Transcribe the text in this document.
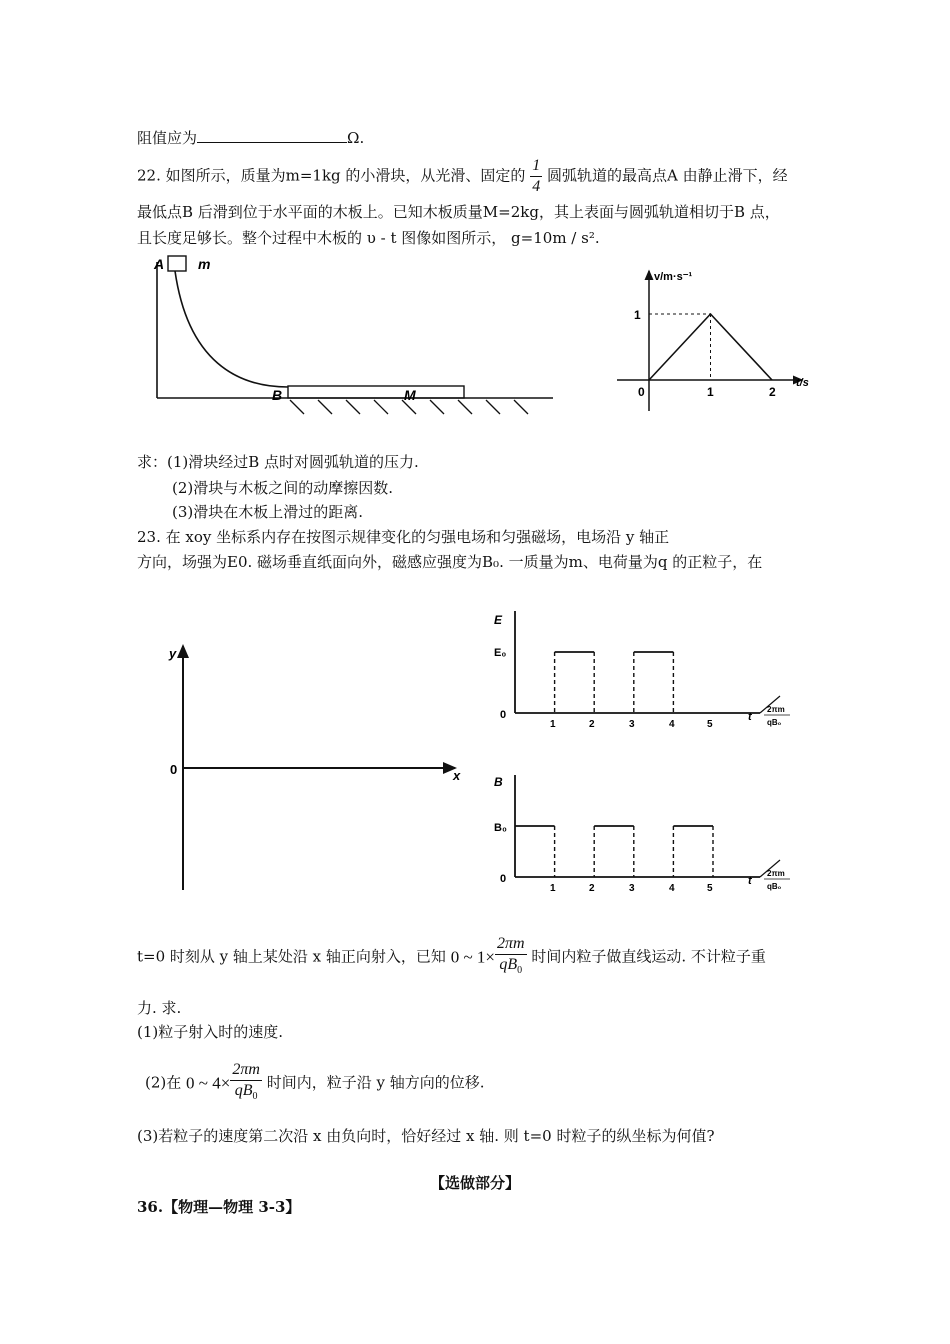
阻值应为	Ω.
22. 如图所示，质量为m=1kg 的小滑块，从光滑、固定的 $\frac{1}{4}$ 圆弧轨道的最高点A 由静止滑下，经
最低点B 后滑到位于水平面的木板上。已知木板质量M=2kg，其上表面与圆弧轨道相切于B 点，
且长度足够长。整个过程中木板的 υ - t 图像如图所示， g=10m / s².
A m
B	M
v/m·s⁻¹
t/s
0	1	2
1
求：(1)滑块经过B 点时对圆弧轨道的压力.
(2)滑块与木板之间的动摩擦因数.
(3)滑块在木板上滑过的距离.
23. 在 xoy 坐标系内存在按图示规律变化的匀强电场和匀强磁场，电场沿 y 轴正
方向，场强为E0. 磁场垂直纸面向外，磁感应强度为B₀. 一质量为m、电荷量为q 的正粒子，在
y
x
0
E
E₀
0
1	2	3	4	5
t
2πm
qB₀
B
B₀
0
1	2	3	4	5
t
2πm
qB₀
t=0 时刻从 y 轴上某处沿 x 轴正向射入，已知 0 ~ $1\times \frac{2\pi m}{qB_0}$ 时间内粒子做直线运动. 不计粒子重
力. 求.
(1)粒子射入时的速度.
(2)在 0 ~ $4\times \frac{2\pi m}{qB_0}$ 时间内，粒子沿 y 轴方向的位移.
(3)若粒子的速度第二次沿 x 由负向时，恰好经过 x 轴. 则 t=0 时粒子的纵坐标为何值?
【选做部分】
36.【物理—物理 3-3】
